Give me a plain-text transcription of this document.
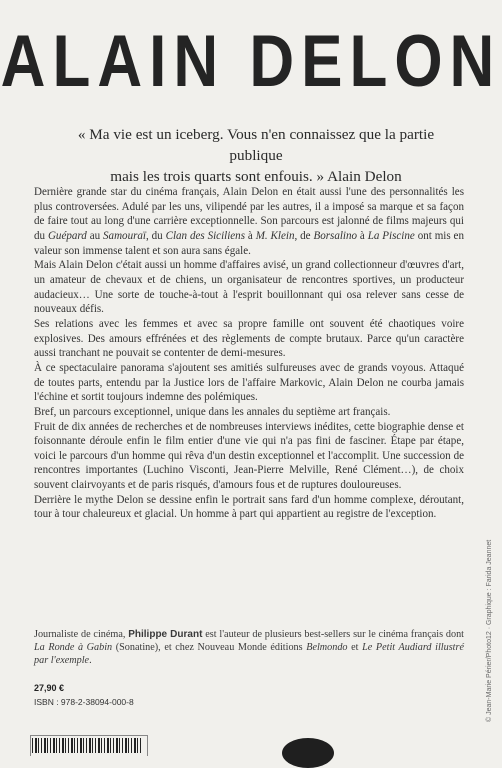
ALAIN DELON
« Ma vie est un iceberg. Vous n'en connaissez que la partie publique
mais les trois quarts sont enfouis. » Alain Delon

Dernière grande star du cinéma français, Alain Delon en était aussi l'une des personnalités les plus controversées. Adulé par les uns, vilipendé par les autres, il a imposé sa marque et sa façon de faire tout au long d'une carrière exceptionnelle. Son parcours est jalonné de films majeurs qui du Guépard au Samouraï, du Clan des Siciliens à M. Klein, de Borsalino à La Piscine ont mis en valeur son immense talent et son aura sans égale.

Mais Alain Delon c'était aussi un homme d'affaires avisé, un grand collectionneur d'œuvres d'art, un amateur de chevaux et de chiens, un organisateur de rencontres sportives, un producteur audacieux… Une sorte de touche-à-tout à l'esprit bouillonnant qui osa relever sans cesse de nouveaux défis.

Ses relations avec les femmes et avec sa propre famille ont souvent été chaotiques voire explosives. Des amours effrénées et des règlements de compte brutaux. Parce qu'un caractère aussi tranchant ne pouvait se contenter de demi-mesures.

À ce spectaculaire panorama s'ajoutent ses amitiés sulfureuses avec de grands voyous. Attaqué de toutes parts, entendu par la Justice lors de l'affaire Markovic, Alain Delon ne courba jamais l'échine et sortit toujours indemne des polémiques.

Bref, un parcours exceptionnel, unique dans les annales du septième art français.

Fruit de dix années de recherches et de nombreuses interviews inédites, cette biographie dense et foisonnante déroule enfin le film entier d'une vie qui n'a pas fini de fasciner. Étape par étape, voici le parcours d'un homme qui rêva d'un destin exceptionnel et l'accomplit. Une succession de rencontres importantes (Luchino Visconti, Jean-Pierre Melville, René Clément…), de choix souvent clairvoyants et de paris risqués, d'amours fous et de ruptures douloureuses.

Derrière le mythe Delon se dessine enfin le portrait sans fard d'un homme complexe, déroutant, tour à tour chaleureux et glacial. Un homme à part qui appartient au registre de l'exception.

Journaliste de cinéma, Philippe Durant est l'auteur de plusieurs best-sellers sur le cinéma français dont La Ronde à Gabin (Sonatine), et chez Nouveau Monde éditions Belmondo et Le Petit Audiard illustré par l'exemple.

27,90 €
ISBN : 978-2-38094-000-8	© Jean-Marie Périer/Photo12 · Graphique : Farida Jeannet
